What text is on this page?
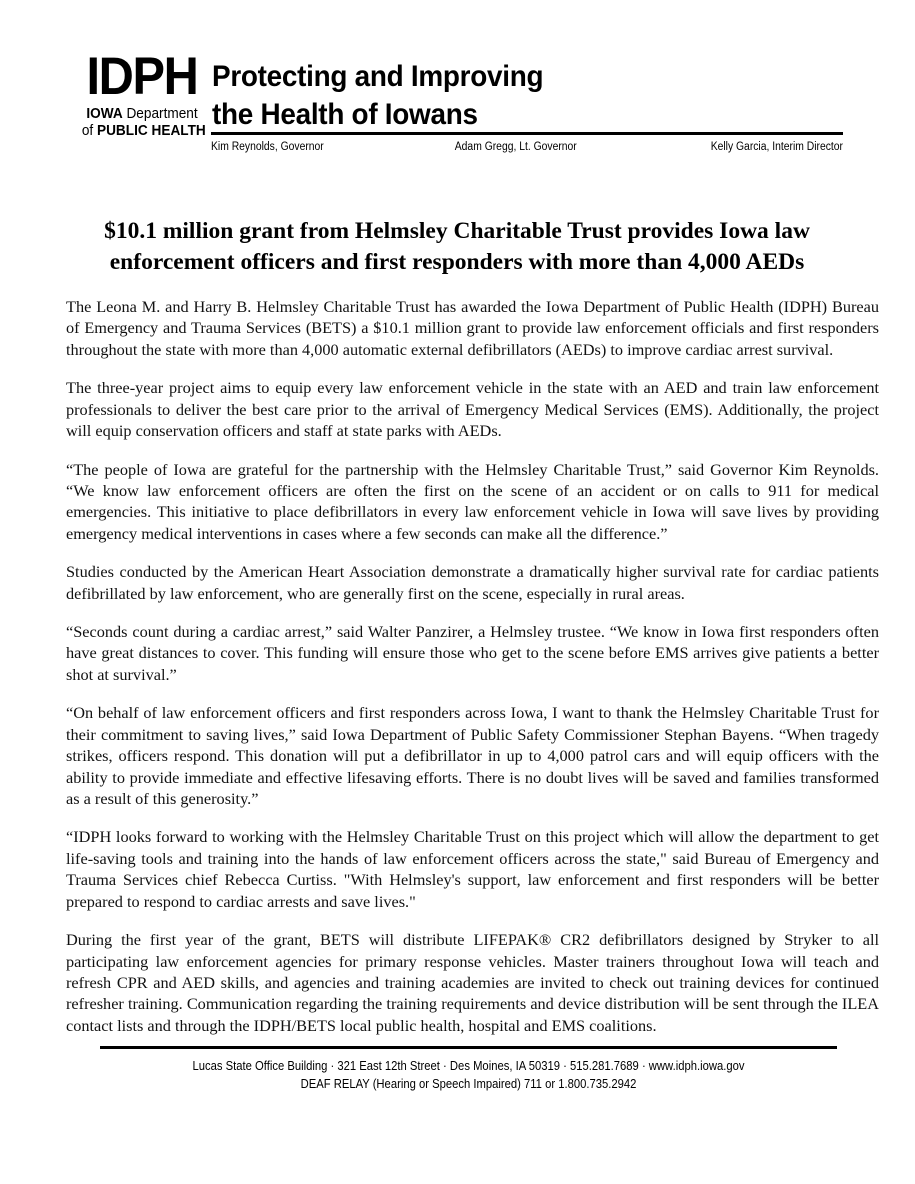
IDPH
IOWA Department
of PUBLIC HEALTH
Protecting and Improving
the Health of Iowans
Kim Reynolds, Governor	Adam Gregg, Lt. Governor	Kelly Garcia, Interim Director
$10.1 million grant from Helmsley Charitable Trust provides Iowa law enforcement officers and first responders with more than 4,000 AEDs

The Leona M. and Harry B. Helmsley Charitable Trust has awarded the Iowa Department of Public Health (IDPH) Bureau of Emergency and Trauma Services (BETS) a $10.1 million grant to provide law enforcement officials and first responders throughout the state with more than 4,000 automatic external defibrillators (AEDs) to improve cardiac arrest survival.

The three-year project aims to equip every law enforcement vehicle in the state with an AED and train law enforcement professionals to deliver the best care prior to the arrival of Emergency Medical Services (EMS). Additionally, the project will equip conservation officers and staff at state parks with AEDs.

“The people of Iowa are grateful for the partnership with the Helmsley Charitable Trust,” said Governor Kim Reynolds. “We know law enforcement officers are often the first on the scene of an accident or on calls to 911 for medical emergencies. This initiative to place defibrillators in every law enforcement vehicle in Iowa will save lives by providing emergency medical interventions in cases where a few seconds can make all the difference.”

Studies conducted by the American Heart Association demonstrate a dramatically higher survival rate for cardiac patients defibrillated by law enforcement, who are generally first on the scene, especially in rural areas.

“Seconds count during a cardiac arrest,” said Walter Panzirer, a Helmsley trustee. “We know in Iowa first responders often have great distances to cover. This funding will ensure those who get to the scene before EMS arrives give patients a better shot at survival.”

“On behalf of law enforcement officers and first responders across Iowa, I want to thank the Helmsley Charitable Trust for their commitment to saving lives,” said Iowa Department of Public Safety Commissioner Stephan Bayens. “When tragedy strikes, officers respond. This donation will put a defibrillator in up to 4,000 patrol cars and will equip officers with the ability to provide immediate and effective lifesaving efforts. There is no doubt lives will be saved and families transformed as a result of this generosity.”

“IDPH looks forward to working with the Helmsley Charitable Trust on this project which will allow the department to get life-saving tools and training into the hands of law enforcement officers across the state," said Bureau of Emergency and Trauma Services chief Rebecca Curtiss. "With Helmsley's support, law enforcement and first responders will be better prepared to respond to cardiac arrests and save lives."

During the first year of the grant, BETS will distribute LIFEPAK® CR2 defibrillators designed by Stryker to all participating law enforcement agencies for primary response vehicles. Master trainers throughout Iowa will teach and refresh CPR and AED skills, and agencies and training academies are invited to check out training devices for continued refresher training. Communication regarding the training requirements and device distribution will be sent through the ILEA contact lists and through the IDPH/BETS local public health, hospital and EMS coalitions.

Lucas State Office Building · 321 East 12th Street · Des Moines, IA 50319 · 515.281.7689 · www.idph.iowa.gov
DEAF RELAY (Hearing or Speech Impaired) 711 or 1.800.735.2942
